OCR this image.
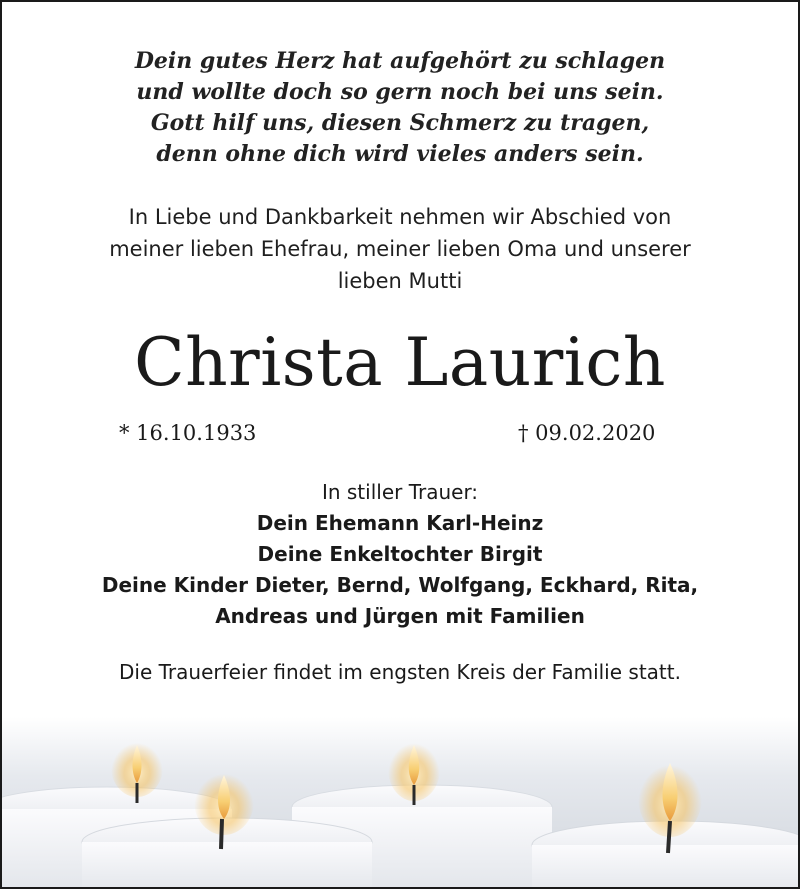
Dein gutes Herz hat aufgehört zu schlagen
und wollte doch so gern noch bei uns sein.
Gott hilf uns, diesen Schmerz zu tragen,
denn ohne dich wird vieles anders sein.
In Liebe und Dankbarkeit nehmen wir Abschied von
meiner lieben Ehefrau, meiner lieben Oma und unserer
lieben Mutti
Christa Laurich
* 16.10.1933	† 09.02.2020
In stiller Trauer:
Dein Ehemann Karl-Heinz
Deine Enkeltochter Birgit
Deine Kinder Dieter, Bernd, Wolfgang, Eckhard, Rita,
Andreas und Jürgen mit Familien
Die Trauerfeier findet im engsten Kreis der Familie statt.
